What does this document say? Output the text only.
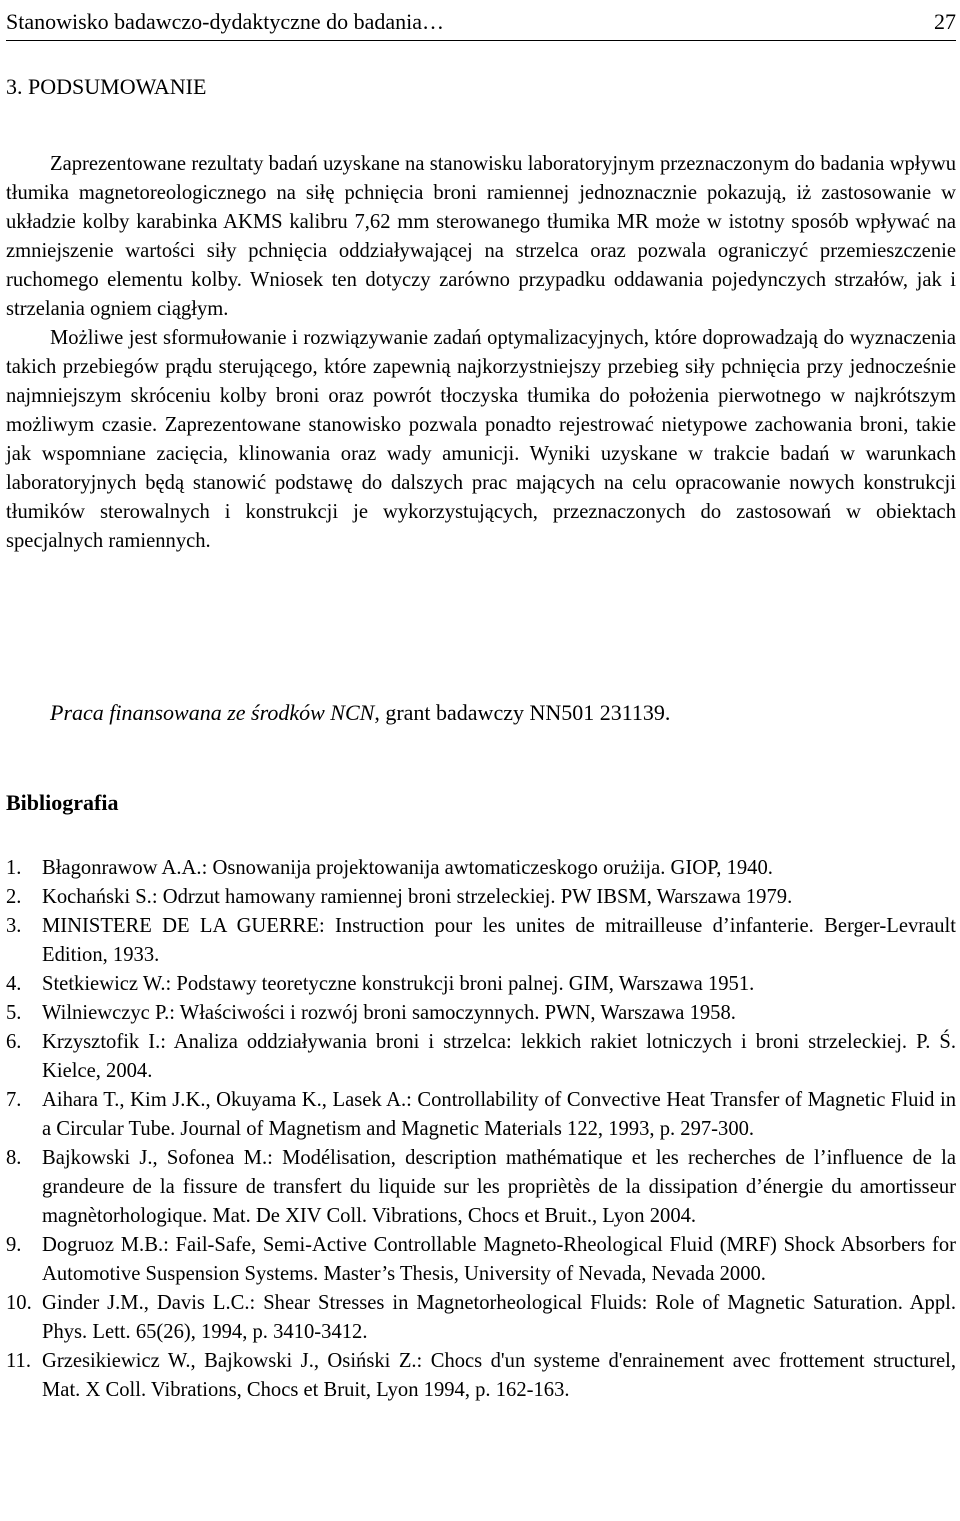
Stanowisko badawczo-dydaktyczne do badania…	27
3. PODSUMOWANIE

Zaprezentowane rezultaty badań uzyskane na stanowisku laboratoryjnym przeznaczonym do badania wpływu tłumika magnetoreologicznego na siłę pchnięcia broni ramiennej jednoznacznie pokazują, iż zastosowanie w układzie kolby karabinka AKMS kalibru 7,62 mm sterowanego tłumika MR może w istotny sposób wpływać na zmniejszenie wartości siły pchnięcia oddziaływającej na strzelca oraz pozwala ograniczyć przemieszczenie ruchomego elementu kolby. Wniosek ten dotyczy zarówno przypadku oddawania pojedynczych strzałów, jak i strzelania ogniem ciągłym.

Możliwe jest sformułowanie i rozwiązywanie zadań optymalizacyjnych, które doprowadzają do wyznaczenia takich przebiegów prądu sterującego, które zapewnią najkorzystniejszy przebieg siły pchnięcia przy jednocześnie najmniejszym skróceniu kolby broni oraz powrót tłoczyska tłumika do położenia pierwotnego w najkrótszym możliwym czasie. Zaprezentowane stanowisko pozwala ponadto rejestrować nietypowe zachowania broni, takie jak wspomniane zacięcia, klinowania oraz wady amunicji. Wyniki uzyskane w trakcie badań w warunkach laboratoryjnych będą stanowić podstawę do dalszych prac mających na celu opracowanie nowych konstrukcji tłumików sterowalnych i konstrukcji je wykorzystujących, przeznaczonych do zastosowań w obiektach specjalnych ramiennych.

Praca finansowana ze środków NCN, grant badawczy NN501 231139.
Bibliografia
1. Błagonrawow A.A.: Osnowanija projektowanija awtomaticzeskogo orużija. GIOP, 1940.
2. Kochański S.: Odrzut hamowany ramiennej broni strzeleckiej. PW IBSM, Warszawa 1979.
3. MINISTERE DE LA GUERRE: Instruction pour les unites de mitrailleuse d’infanterie. Berger-Levrault Edition, 1933.
4. Stetkiewicz W.: Podstawy teoretyczne konstrukcji broni palnej. GIM, Warszawa 1951.
5. Wilniewczyc P.: Właściwości i rozwój broni samoczynnych. PWN, Warszawa 1958.
6. Krzysztofik I.: Analiza oddziaływania broni i strzelca: lekkich rakiet lotniczych i broni strzeleckiej. P. Ś. Kielce, 2004.
7. Aihara T., Kim J.K., Okuyama K., Lasek A.: Controllability of Convective Heat Transfer of Magnetic Fluid in a Circular Tube. Journal of Magnetism and Magnetic Materials 122, 1993, p. 297-300.
8. Bajkowski J., Sofonea M.: Modélisation, description mathématique et les recherches de l’influence de la grandeure de la fissure de transfert du liquide sur les propriètès de la dissipation d’énergie du amortisseur magnètorhologique. Mat. De XIV Coll. Vibrations, Chocs et Bruit., Lyon 2004.
9. Dogruoz M.B.: Fail-Safe, Semi-Active Controllable Magneto-Rheological Fluid (MRF) Shock Absorbers for Automotive Suspension Systems. Master’s Thesis, University of Nevada, Nevada 2000.
10. Ginder J.M., Davis L.C.: Shear Stresses in Magnetorheological Fluids: Role of Magnetic Saturation. Appl. Phys. Lett. 65(26), 1994, p. 3410-3412.
11. Grzesikiewicz W., Bajkowski J., Osiński Z.: Chocs d'un systeme d'enrainement avec frottement structurel, Mat. X Coll. Vibrations, Chocs et Bruit, Lyon 1994, p. 162-163.
